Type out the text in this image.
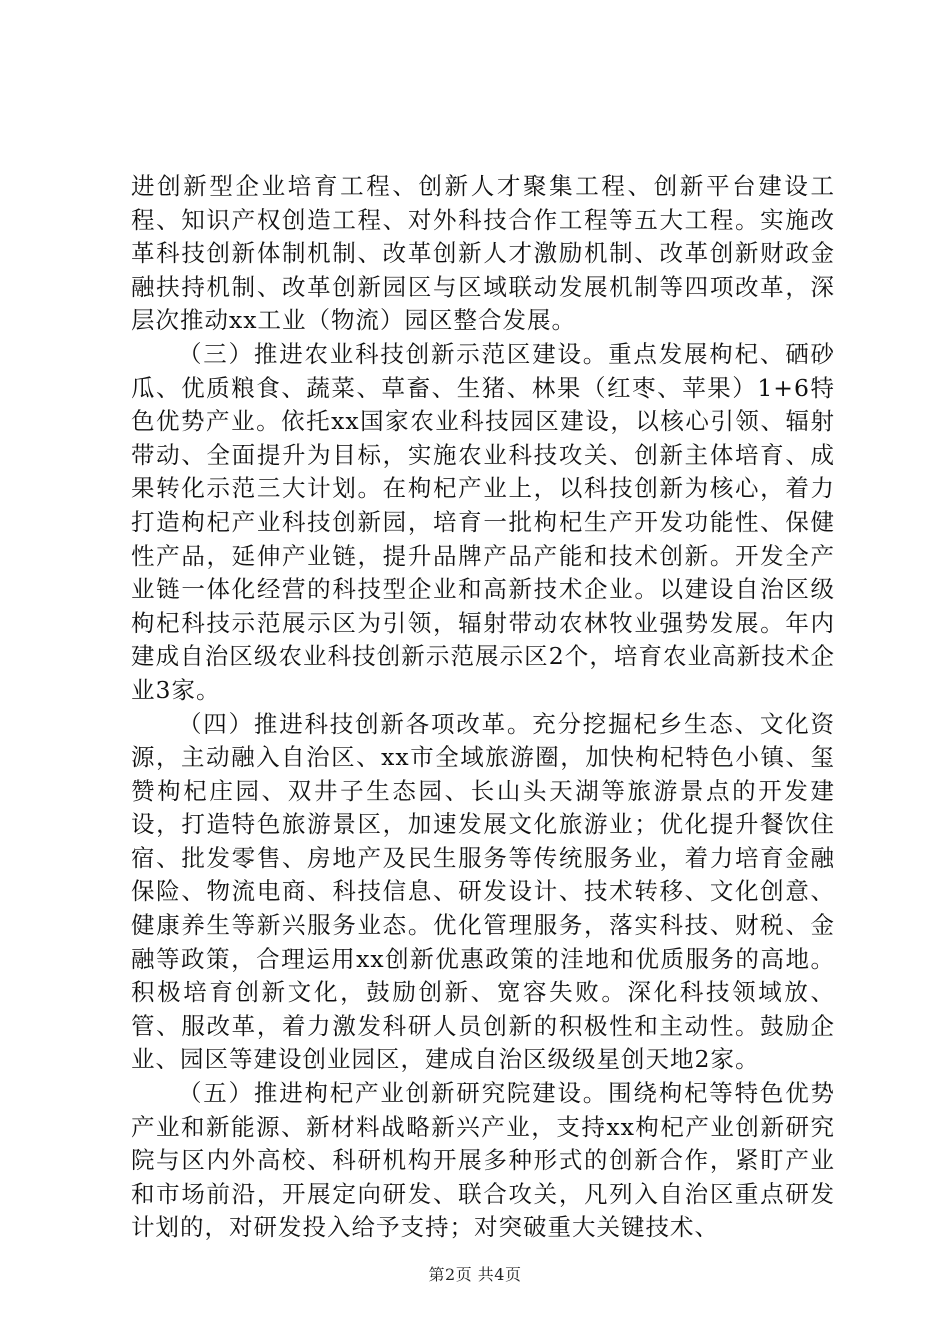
进创新型企业培育工程、创新人才聚集工程、创新平台建设工程、知识产权创造工程、对外科技合作工程等五大工程。实施改革科技创新体制机制、改革创新人才激励机制、改革创新财政金融扶持机制、改革创新园区与区域联动发展机制等四项改革，深层次推动xx工业（物流）园区整合发展。

（三）推进农业科技创新示范区建设。重点发展枸杞、硒砂瓜、优质粮食、蔬菜、草畜、生猪、林果（红枣、苹果）1+6特色优势产业。依托xx国家农业科技园区建设，以核心引领、辐射带动、全面提升为目标，实施农业科技攻关、创新主体培育、成果转化示范三大计划。在枸杞产业上，以科技创新为核心，着力打造枸杞产业科技创新园，培育一批枸杞生产开发功能性、保健性产品，延伸产业链，提升品牌产品产能和技术创新。开发全产业链一体化经营的科技型企业和高新技术企业。以建设自治区级枸杞科技示范展示区为引领，辐射带动农林牧业强势发展。年内建成自治区级农业科技创新示范展示区2个，培育农业高新技术企业3家。

（四）推进科技创新各项改革。充分挖掘杞乡生态、文化资源，主动融入自治区、xx市全域旅游圈，加快枸杞特色小镇、玺赞枸杞庄园、双井子生态园、长山头天湖等旅游景点的开发建设，打造特色旅游景区，加速发展文化旅游业；优化提升餐饮住宿、批发零售、房地产及民生服务等传统服务业，着力培育金融保险、物流电商、科技信息、研发设计、技术转移、文化创意、健康养生等新兴服务业态。优化管理服务，落实科技、财税、金融等政策，合理运用xx创新优惠政策的洼地和优质服务的高地。积极培育创新文化，鼓励创新、宽容失败。深化科技领域放、管、服改革，着力激发科研人员创新的积极性和主动性。鼓励企业、园区等建设创业园区，建成自治区级级星创天地2家。

（五）推进枸杞产业创新研究院建设。围绕枸杞等特色优势产业和新能源、新材料战略新兴产业，支持xx枸杞产业创新研究院与区内外高校、科研机构开展多种形式的创新合作，紧盯产业和市场前沿，开展定向研发、联合攻关，凡列入自治区重点研发计划的，对研发投入给予支持；对突破重大关键技术、

第2页 共4页
